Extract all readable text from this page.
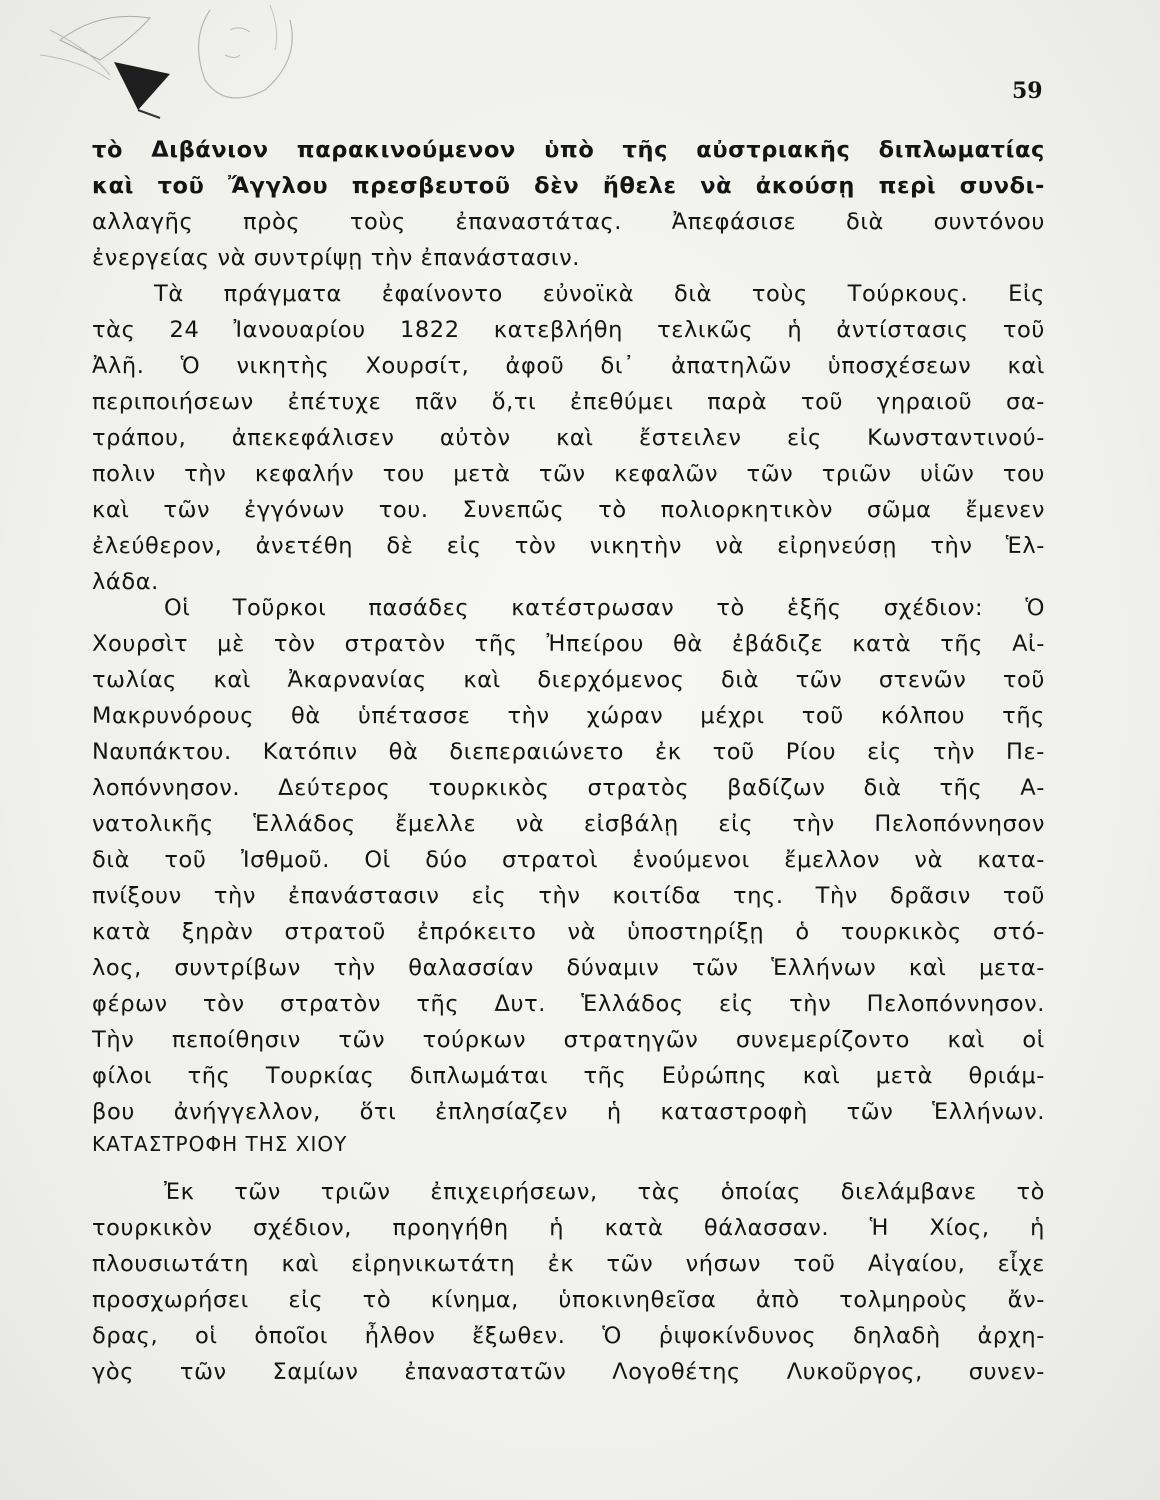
59
τὸ Διβάνιον παρακινούμενον ὑπὸ τῆς αὐστριακῆς διπλωματίας
καὶ τοῦ Ἄγγλου πρεσβευτοῦ δὲν ἤθελε νὰ ἀκούσῃ περὶ συνδι-
αλλαγῆς πρὸς τοὺς ἐπαναστάτας. Ἀπεφάσισε διὰ συντόνου
ἐνεργείας νὰ συντρίψῃ τὴν ἐπανάστασιν.
Τὰ πράγματα ἐφαίνοντο εὐνοϊκὰ διὰ τοὺς Τούρκους. Εἰς
τὰς 24 Ἰανουαρίου 1822 κατεβλήθη τελικῶς ἡ ἀντίστασις τοῦ
Ἀλῆ. Ὁ νικητὴς Χουρσίτ, ἀφοῦ δι᾽ ἀπατηλῶν ὑποσχέσεων καὶ
περιποιήσεων ἐπέτυχε πᾶν ὅ,τι ἐπεθύμει παρὰ τοῦ γηραιοῦ σα-
τράπου, ἀπεκεφάλισεν αὐτὸν καὶ ἔστειλεν εἰς Κωνσταντινού-
πολιν τὴν κεφαλήν του μετὰ τῶν κεφαλῶν τῶν τριῶν υἱῶν του
καὶ τῶν ἐγγόνων του. Συνεπῶς τὸ πολιορκητικὸν σῶμα ἔμενεν
ἐλεύθερον, ἀνετέθη δὲ εἰς τὸν νικητὴν νὰ εἰρηνεύσῃ τὴν Ἑλ-
λάδα.
Οἱ Τοῦρκοι πασάδες κατέστρωσαν τὸ ἑξῆς σχέδιον: Ὁ
Χουρσὶτ μὲ τὸν στρατὸν τῆς Ἠπείρου θὰ ἐβάδιζε κατὰ τῆς Αἰ-
τωλίας καὶ Ἀκαρνανίας καὶ διερχόμενος διὰ τῶν στενῶν τοῦ
Μακρυνόρους θὰ ὑπέτασσε τὴν χώραν μέχρι τοῦ κόλπου τῆς
Ναυπάκτου. Κατόπιν θὰ διεπεραιώνετο ἐκ τοῦ Ρίου εἰς τὴν Πε-
λοπόννησον. Δεύτερος τουρκικὸς στρατὸς βαδίζων διὰ τῆς Α-
νατολικῆς Ἑλλάδος ἔμελλε νὰ εἰσβάλῃ εἰς τὴν Πελοπόννησον
διὰ τοῦ Ἰσθμοῦ. Οἱ δύο στρατοὶ ἑνούμενοι ἔμελλον νὰ κατα-
πνίξουν τὴν ἐπανάστασιν εἰς τὴν κοιτίδα της. Τὴν δρᾶσιν τοῦ
κατὰ ξηρὰν στρατοῦ ἐπρόκειτο νὰ ὑποστηρίξῃ ὁ τουρκικὸς στό-
λος, συντρίβων τὴν θαλασσίαν δύναμιν τῶν Ἑλλήνων καὶ μετα-
φέρων τὸν στρατὸν τῆς Δυτ. Ἑλλάδος εἰς τὴν Πελοπόννησον.
Τὴν πεποίθησιν τῶν τούρκων στρατηγῶν συνεμερίζοντο καὶ οἱ
φίλοι τῆς Τουρκίας διπλωμάται τῆς Εὐρώπης καὶ μετὰ θριάμ-
βου ἀνήγγελλον, ὅτι ἐπλησίαζεν ἡ καταστροφὴ τῶν Ἑλλήνων.
ΚΑΤΑΣΤΡΟΦΗ ΤΗΣ ΧΙΟΥ
Ἐκ τῶν τριῶν ἐπιχειρήσεων, τὰς ὁποίας διελάμβανε τὸ
τουρκικὸν σχέδιον, προηγήθη ἡ κατὰ θάλασσαν. Ἡ Χίος, ἡ
πλουσιωτάτη καὶ εἰρηνικωτάτη ἐκ τῶν νήσων τοῦ Αἰγαίου, εἶχε
προσχωρήσει εἰς τὸ κίνημα, ὑποκινηθεῖσα ἀπὸ τολμηροὺς ἄν-
δρας, οἱ ὁποῖοι ἦλθον ἔξωθεν. Ὁ ῥιψοκίνδυνος δηλαδὴ ἀρχη-
γὸς τῶν Σαμίων ἐπαναστατῶν Λογοθέτης Λυκοῦργος, συνεν-
